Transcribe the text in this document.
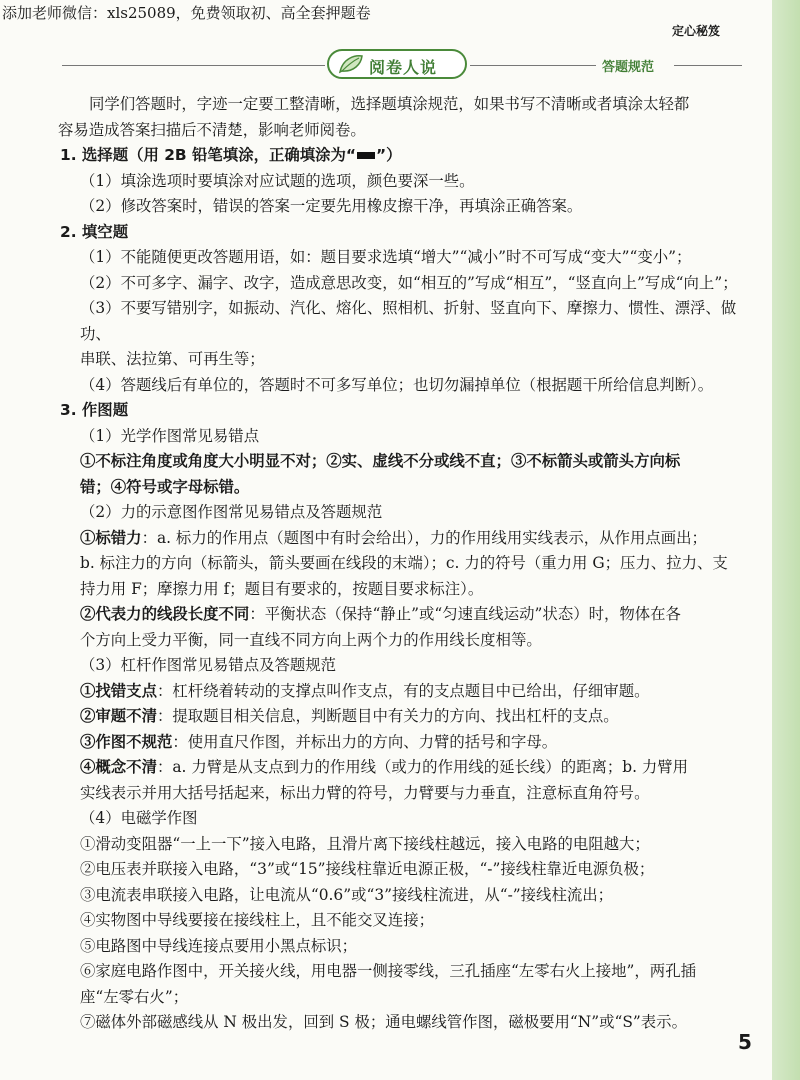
添加老师微信：xls25089，免费领取初、高全套押题卷
定心秘笈
阅卷人说	答题规范

同学们答题时，字迹一定要工整清晰，选择题填涂规范，如果书写不清晰或者填涂太轻都

容易造成答案扫描后不清楚，影响老师阅卷。

1. 选择题（用 2B 铅笔填涂，正确填涂为“ ”）

（1）填涂选项时要填涂对应试题的选项，颜色要深一些。

（2）修改答案时，错误的答案一定要先用橡皮擦干净，再填涂正确答案。

2. 填空题

（1）不能随便更改答题用语，如：题目要求选填“增大”“减小”时不可写成“变大”“变小”；

（2）不可多字、漏字、改字，造成意思改变，如“相互的”写成“相互”，“竖直向上”写成“向上”；

（3）不要写错别字，如振动、汽化、熔化、照相机、折射、竖直向下、摩擦力、惯性、漂浮、做功、

串联、法拉第、可再生等；

（4）答题线后有单位的，答题时不可多写单位；也切勿漏掉单位（根据题干所给信息判断）。

3. 作图题

（1）光学作图常见易错点

①不标注角度或角度大小明显不对；②实、虚线不分或线不直；③不标箭头或箭头方向标

错；④符号或字母标错。

（2）力的示意图作图常见易错点及答题规范

①标错力：a. 标力的作用点（题图中有时会给出），力的作用线用实线表示，从作用点画出；

b. 标注力的方向（标箭头，箭头要画在线段的末端）；c. 力的符号（重力用 G；压力、拉力、支

持力用 F；摩擦力用 f；题目有要求的，按题目要求标注）。

②代表力的线段长度不同：平衡状态（保持“静止”或“匀速直线运动”状态）时，物体在各

个方向上受力平衡，同一直线不同方向上两个力的作用线长度相等。

（3）杠杆作图常见易错点及答题规范

①找错支点：杠杆绕着转动的支撑点叫作支点，有的支点题目中已给出，仔细审题。

②审题不清：提取题目相关信息，判断题目中有关力的方向、找出杠杆的支点。

③作图不规范：使用直尺作图，并标出力的方向、力臂的括号和字母。

④概念不清：a. 力臂是从支点到力的作用线（或力的作用线的延长线）的距离；b. 力臂用

实线表示并用大括号括起来，标出力臂的符号，力臂要与力垂直，注意标直角符号。

（4）电磁学作图

①滑动变阻器“一上一下”接入电路，且滑片离下接线柱越远，接入电路的电阻越大；

②电压表并联接入电路，“3”或“15”接线柱靠近电源正极，“-”接线柱靠近电源负极；

③电流表串联接入电路，让电流从“0.6”或“3”接线柱流进，从“-”接线柱流出；

④实物图中导线要接在接线柱上，且不能交叉连接；

⑤电路图中导线连接点要用小黑点标识；

⑥家庭电路作图中，开关接火线，用电器一侧接零线，三孔插座“左零右火上接地”，两孔插

座“左零右火”；

⑦磁体外部磁感线从 N 极出发，回到 S 极；通电螺线管作图，磁极要用“N”或“S”表示。

5
